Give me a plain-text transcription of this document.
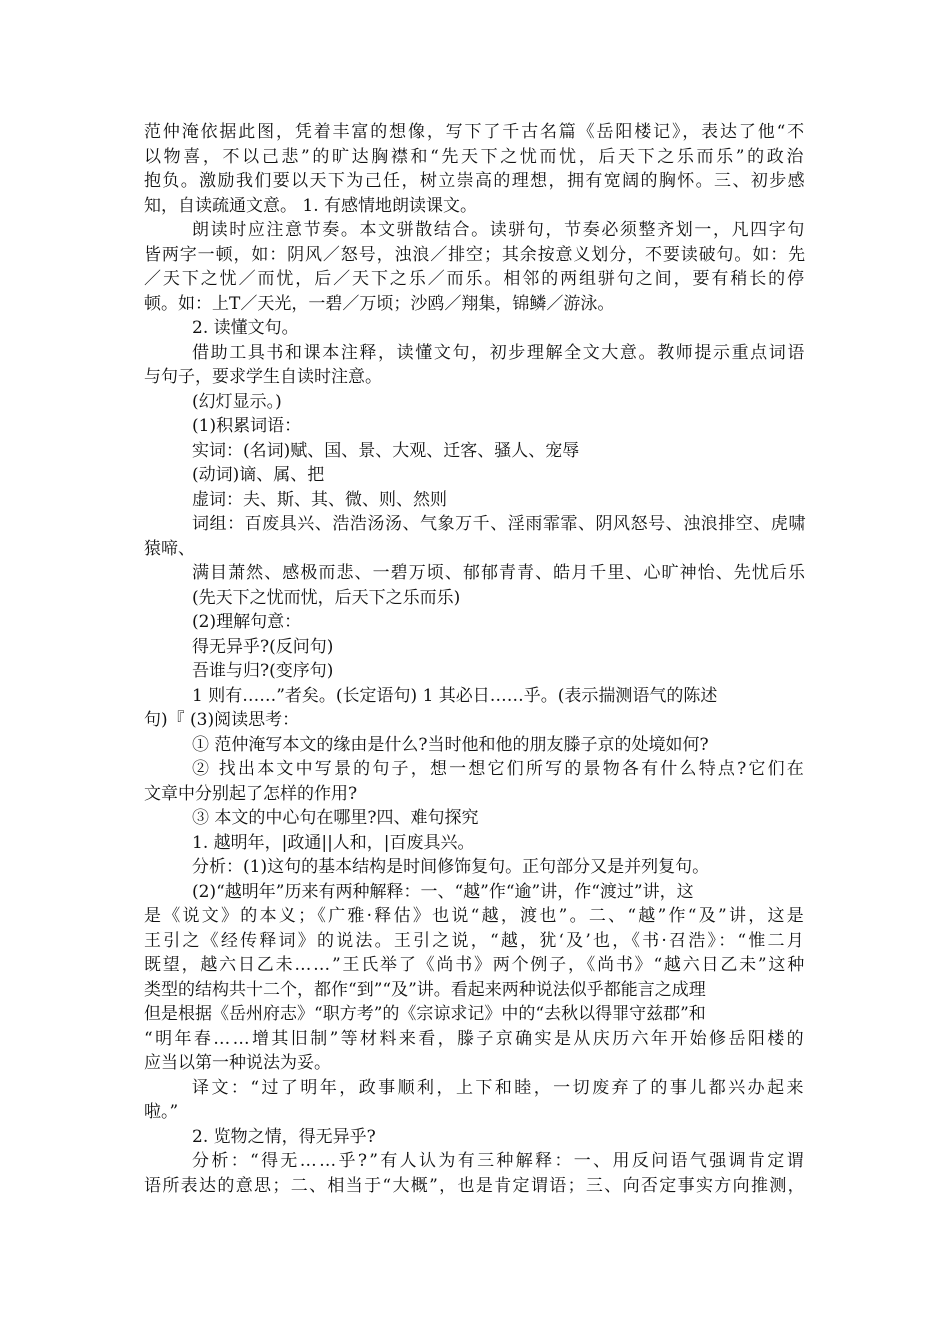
范仲淹依据此图，凭着丰富的想像，写下了千古名篇《岳阳楼记》，表达了他“不
以物喜，不以己悲”的旷达胸襟和“先天下之忧而忧，后天下之乐而乐”的政治
抱负。激励我们要以天下为己任，树立崇高的理想，拥有宽阔的胸怀。三、初步感
知，自读疏通文意。 1. 有感情地朗读课文。
朗读时应注意节奏。本文骈散结合。读骈句，节奏必须整齐划一，凡四字句
皆两字一顿，如：阴风／怒号，浊浪／排空；其余按意义划分，不要读破句。如：先
／天下之忧／而忧，后／天下之乐／而乐。相邻的两组骈句之间，要有稍长的停
顿。如：上T／天光，一碧／万顷；沙鸥／翔集，锦鳞／游泳。
2. 读懂文句。
借助工具书和课本注释，读懂文句，初步理解全文大意。教师提示重点词语
与句子，要求学生自读时注意。
(幻灯显示。)
(1)积累词语：
实词：(名词)赋、国、景、大观、迁客、骚人、宠辱
(动词)谪、属、把
虚词：夫、斯、其、微、则、然则
词组：百废具兴、浩浩汤汤、气象万千、淫雨霏霏、阴风怒号、浊浪排空、虎啸
猿啼、
满目萧然、感极而悲、一碧万顷、郁郁青青、皓月千里、心旷神怡、先忧后乐
(先天下之忧而忧，后天下之乐而乐)
(2)理解句意：
得无异乎?(反问句)
吾谁与归?(变序句)
1 则有……”者矣。(长定语句) 1 其必日……乎。(表示揣测语气的陈述
句)『 (3)阅读思考：
① 范仲淹写本文的缘由是什么?当时他和他的朋友滕子京的处境如何?
② 找出本文中写景的句子，想一想它们所写的景物各有什么特点?它们在
文章中分别起了怎样的作用?
③ 本文的中心句在哪里?四、难句探究
1. 越明年，|政通||人和，|百废具兴。
分析：(1)这句的基本结构是时间修饰复句。正句部分又是并列复句。
(2)“越明年”历来有两种解释：一、“越”作“逾”讲，作“渡过”讲，这
是《说文》的本义；《广雅·释估》也说“越，渡也”。二、“越”作“及”讲，这是
王引之《经传释词》的说法。王引之说，“越，犹‘及’也，《书·召浩》：“惟二月
既望，越六日乙未……”王氏举了《尚书》两个例子，《尚书》“越六日乙未”这种
类型的结构共十二个，都作“到”“及”讲。看起来两种说法似乎都能言之成理
但是根据《岳州府志》“职方考”的《宗谅求记》中的“去秋以得罪守兹郡”和
“明年春……增其旧制”等材料来看，滕子京确实是从庆历六年开始修岳阳楼的
应当以第一种说法为妥。
译文：“过了明年，政事顺利，上下和睦，一切废弃了的事儿都兴办起来
啦。”
2. 览物之情，得无异乎?
分析：“得无……乎?”有人认为有三种解释：一、用反问语气强调肯定谓
语所表达的意思；二、相当于“大概”，也是肯定谓语；三、向否定事实方向推测，
